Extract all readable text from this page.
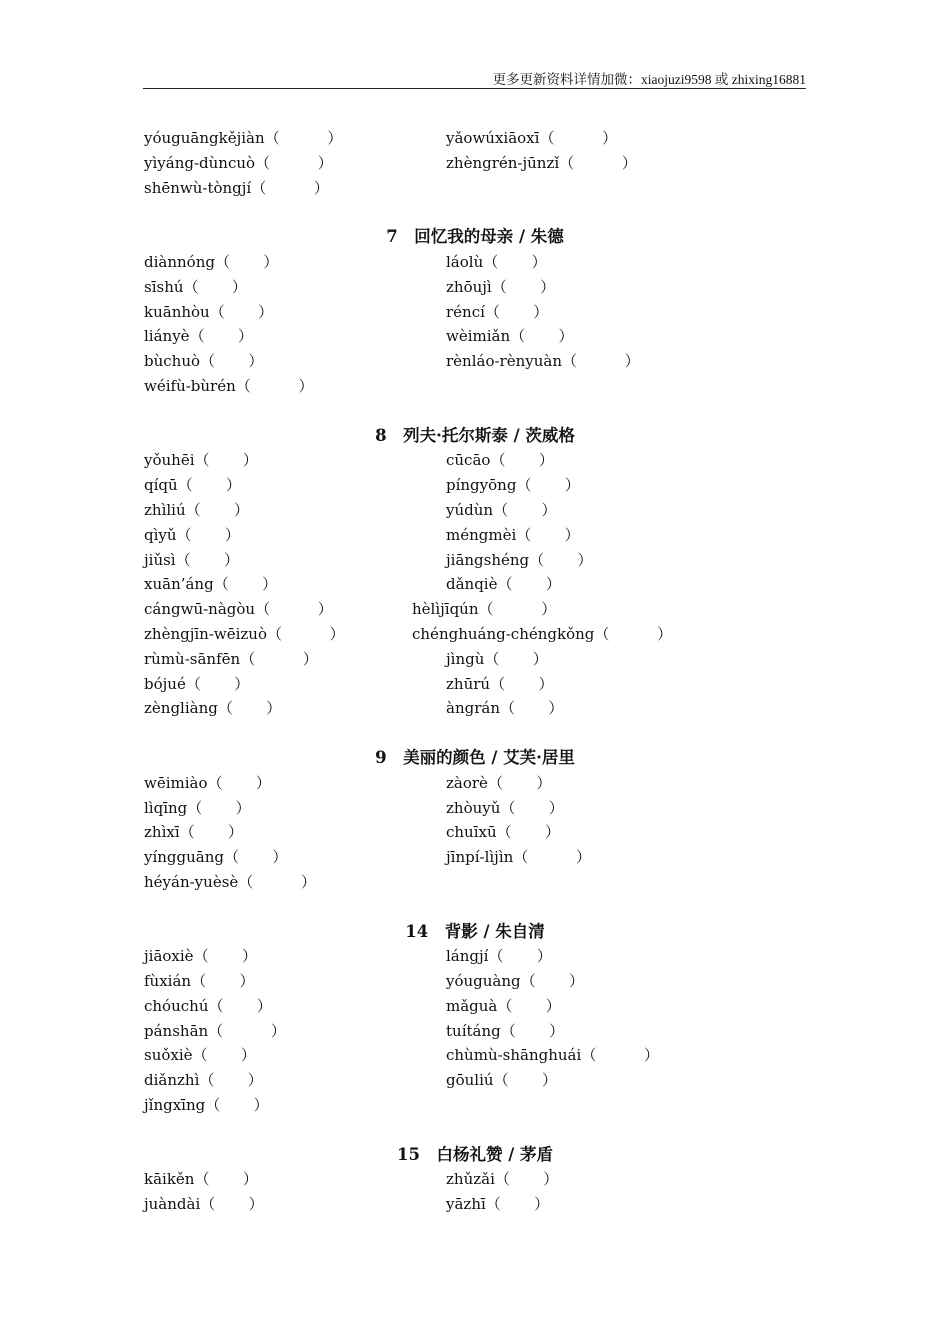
更多更新资料详情加微：xiaojuzi9598 或 zhixing16881
yóuguāngkějiàn（          ）	yǎowúxiāoxī（          ）
yìyáng-dùncuò（          ）	zhèngrén-jūnzǐ（          ）
shēnwù-tòngjí（          ）
7　回忆我的母亲 / 朱德
diànnóng（       ）	láolù（       ）
sīshú（       ）	zhōujì（       ）
kuānhòu（       ）	réncí（       ）
liányè（       ）	wèimiǎn（       ）
bùchuò（       ）	rènláo-rènyuàn（          ）
wéifù-bùrén（          ）
8　列夫·托尔斯泰 / 茨威格
yǒuhēi（       ）	cūcāo（       ）
qíqū（       ）	píngyōng（       ）
zhìliú（       ）	yúdùn（       ）
qìyǔ（       ）	méngmèi（       ）
jiǔsì（       ）	jiāngshéng（       ）
xuān’áng（       ）	dǎnqiè（       ）
cángwū-nàgòu（          ）	hèlìjīqún（          ）
zhèngjīn-wēizuò（          ）	chénghuáng-chéngkǒng（          ）
rùmù-sānfēn（          ）	jìngù（       ）
bójué（       ）	zhūrú（       ）
zèngliàng（       ）	àngrán（       ）
9　美丽的颜色 / 艾芙·居里
wēimiào（       ）	zàorè（       ）
lìqīng（       ）	zhòuyǔ（       ）
zhìxī（       ）	chuīxū（       ）
yíngguāng（       ）	jīnpí-lìjìn（          ）
héyán-yuèsè（          ）
14　背影 / 朱自清
jiāoxiè（       ）	lángjí（       ）
fùxián（       ）	yóuguàng（       ）
chóuchú（       ）	mǎguà（       ）
pánshān（          ）	tuítáng（       ）
suǒxiè（       ）	chùmù-shānghuái（          ）
diǎnzhì（       ）	gōuliú（       ）
jǐngxīng（       ）
15　白杨礼赞 / 茅盾
kāikěn（       ）	zhǔzǎi（       ）
juàndài（       ）	yāzhī（       ）
